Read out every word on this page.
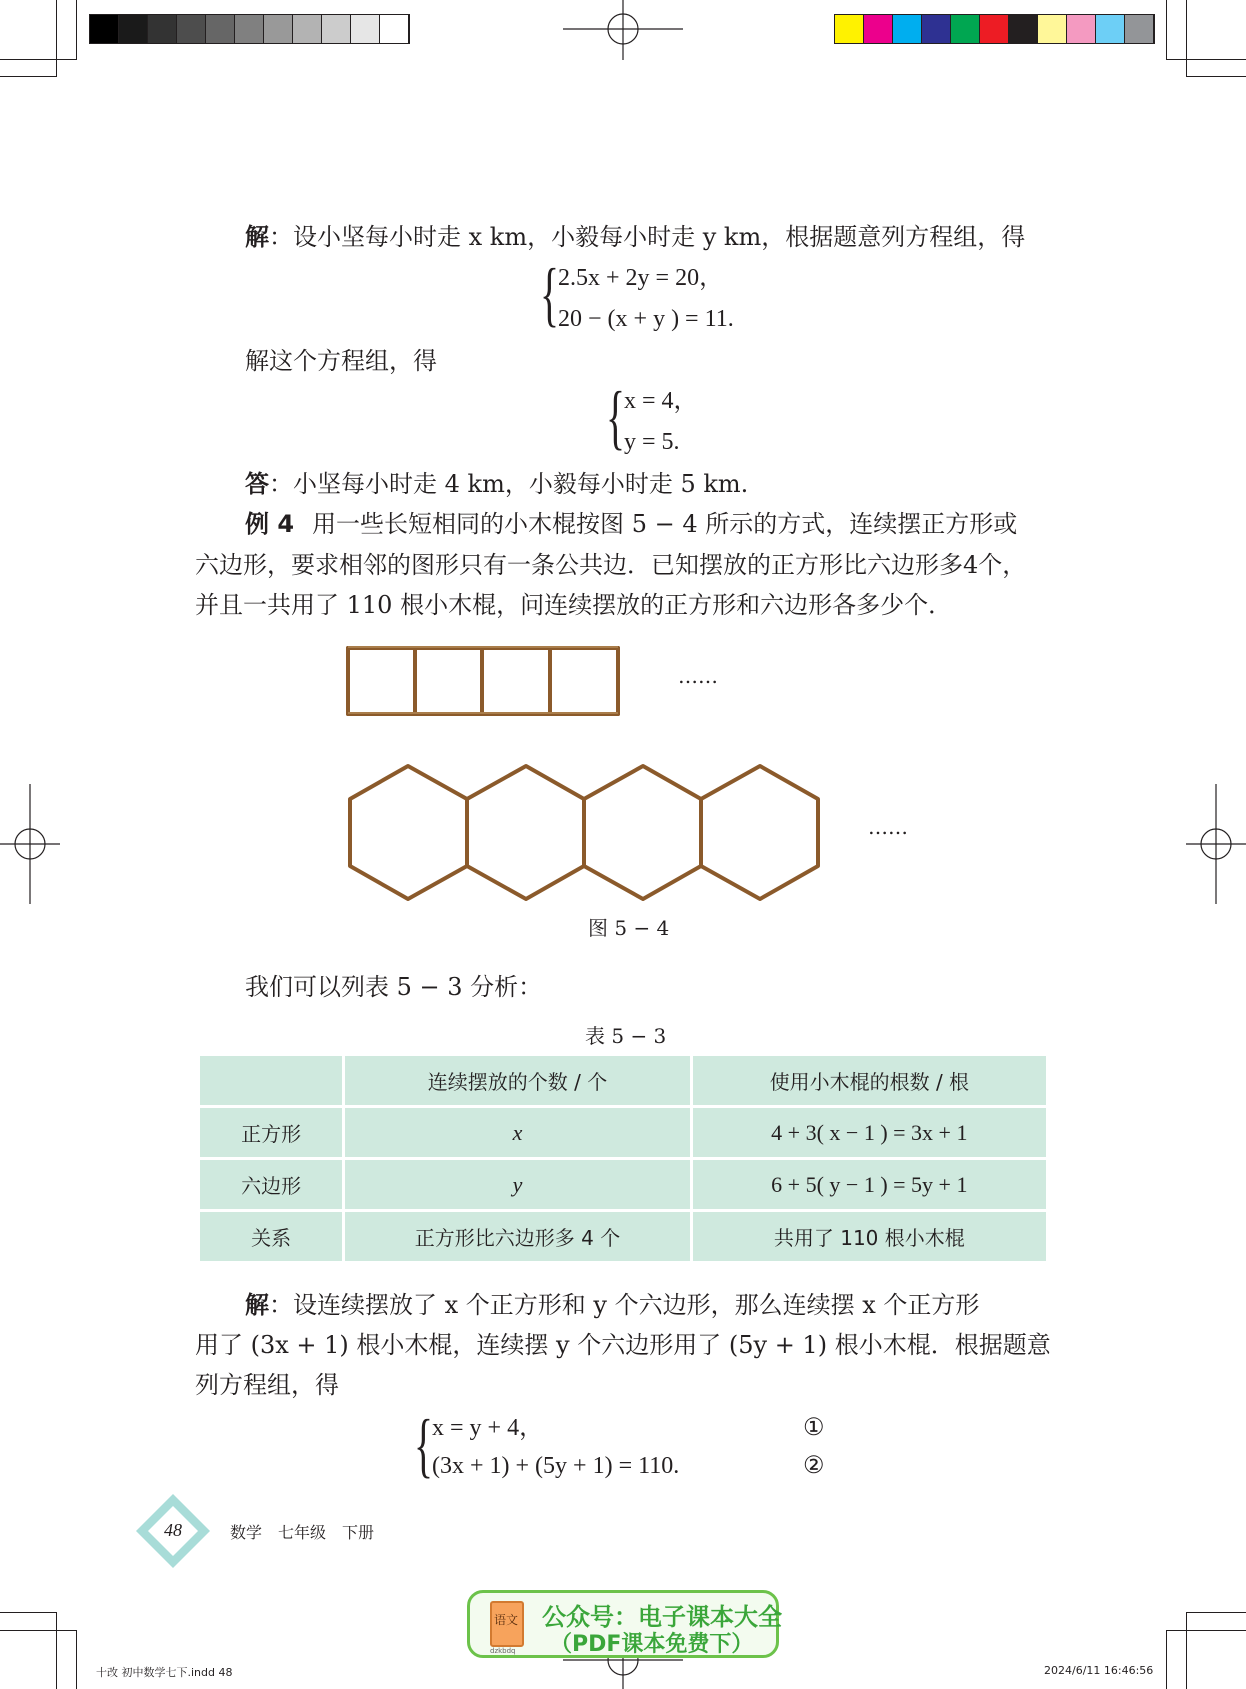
解：设小坚每小时走 x km，小毅每小时走 y km，根据题意列方程组，得
{
2.5x + 2y = 20，
20 − (x + y ) = 11.
解这个方程组，得
{
x = 4，
y = 5.
答：小坚每小时走 4 km，小毅每小时走 5 km.
例 4 用一些长短相同的小木棍按图 5 − 4 所示的方式，连续摆正方形或
六边形，要求相邻的图形只有一条公共边．已知摆放的正方形比六边形多4个，
并且一共用了 110 根小木棍，问连续摆放的正方形和六边形各多少个．
……
……
图 5 − 4
我们可以列表 5 − 3 分析：
表 5 − 3
	连续摆放的个数 / 个	使用小木棍的根数 / 根
正方形	x	4 + 3( x − 1 ) = 3x + 1
六边形	y	6 + 5( y − 1 ) = 5y + 1
关系	正方形比六边形多 4 个	共用了 110 根小木棍
解：设连续摆放了 x 个正方形和 y 个六边形，那么连续摆 x 个正方形
用了 (3x + 1) 根小木棍，连续摆 y 个六边形用了 (5y + 1) 根小木棍．根据题意
列方程组，得
{
x = y + 4，
(3x + 1) + (5y + 1) = 110.
①
②
48	数学　七年级　下册
语文
dzkbdq
公众号：电子课本大全
（PDF课本免费下）
十改 初中数学七下.indd 48	2024/6/11 16:46:56
